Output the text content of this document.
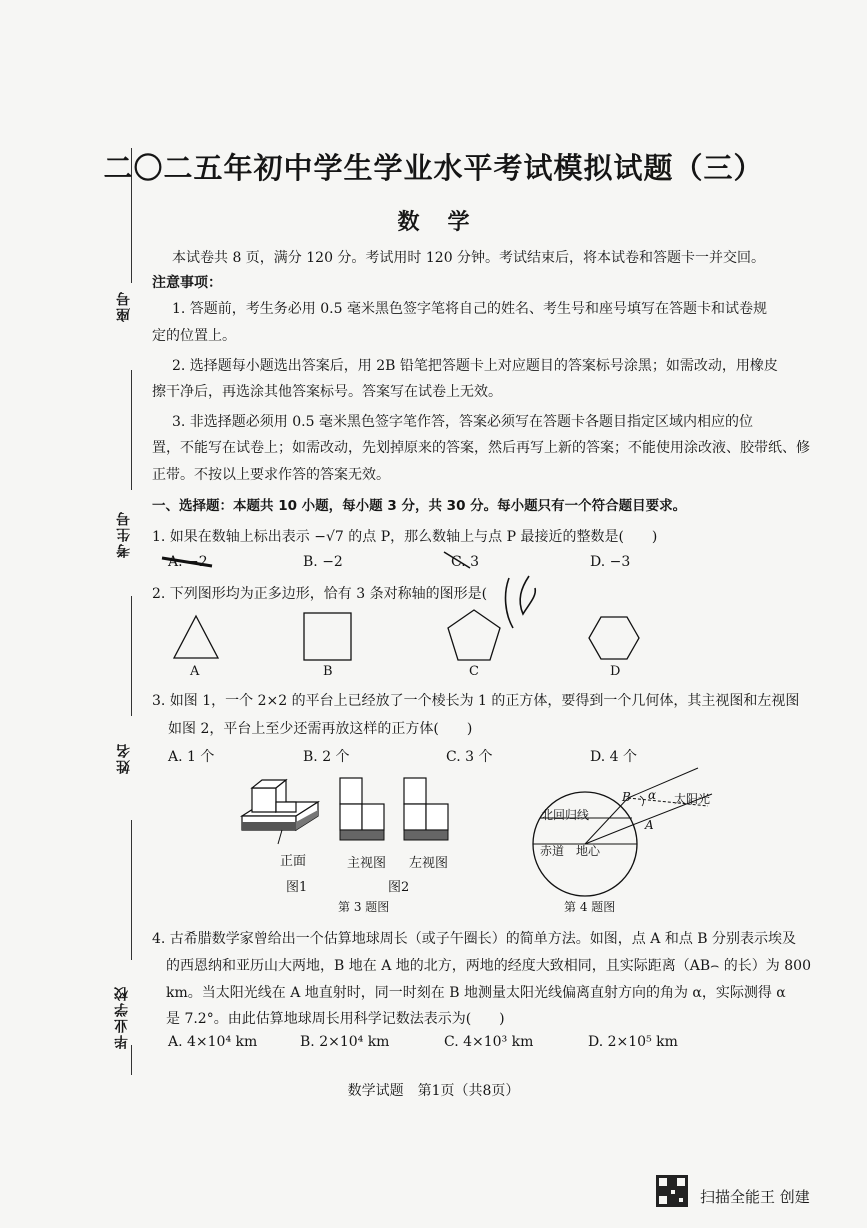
座号
考生号
姓名
毕业学校
二〇二五年初中学生学业水平考试模拟试题（三）
数学
本试卷共 8 页，满分 120 分。考试用时 120 分钟。考试结束后，将本试卷和答题卡一并交回。
注意事项：
1. 答题前，考生务必用 0.5 毫米黑色签字笔将自己的姓名、考生号和座号填写在答题卡和试卷规
定的位置上。
2. 选择题每小题选出答案后，用 2B 铅笔把答题卡上对应题目的答案标号涂黑；如需改动，用橡皮
擦干净后，再选涂其他答案标号。答案写在试卷上无效。
3. 非选择题必须用 0.5 毫米黑色签字笔作答，答案必须写在答题卡各题目指定区域内相应的位
置，不能写在试卷上；如需改动，先划掉原来的答案，然后再写上新的答案；不能使用涂改液、胶带纸、修
正带。不按以上要求作答的答案无效。
一、选择题：本题共 10 小题，每小题 3 分，共 30 分。每小题只有一个符合题目要求。
1. 如果在数轴上标出表示 −√7 的点 P，那么数轴上与点 P 最接近的整数是(　　)
A. −2	B. −2	C. 3	D. −3
2. 下列图形均为正多边形，恰有 3 条对称轴的图形是(
A	B	C	D
3. 如图 1，一个 2×2 的平台上已经放了一个棱长为 1 的正方体，要得到一个几何体，其主视图和左视图
如图 2，平台上至少还需再放这样的正方体(　　)
A. 1 个	B. 2 个	C. 3 个	D. 4 个
正面	主视图 左视图
图1	图2
第 3 题图
北回归线
赤道 地心
太阳光
A
B α
第 4 题图
4. 古希腊数学家曾给出一个估算地球周长（或子午圈长）的简单方法。如图，点 A 和点 B 分别表示埃及
的西恩纳和亚历山大两地，B 地在 A 地的北方，两地的经度大致相同，且实际距离（AB⌢ 的长）为 800
km。当太阳光线在 A 地直射时，同一时刻在 B 地测量太阳光线偏离直射方向的角为 α，实际测得 α
是 7.2°。由此估算地球周长用科学记数法表示为(　　)
A. 4×10⁴ km	B. 2×10⁴ km	C. 4×10³ km	D. 2×10⁵ km
数学试题　第1页（共8页）
扫描全能王 创建
